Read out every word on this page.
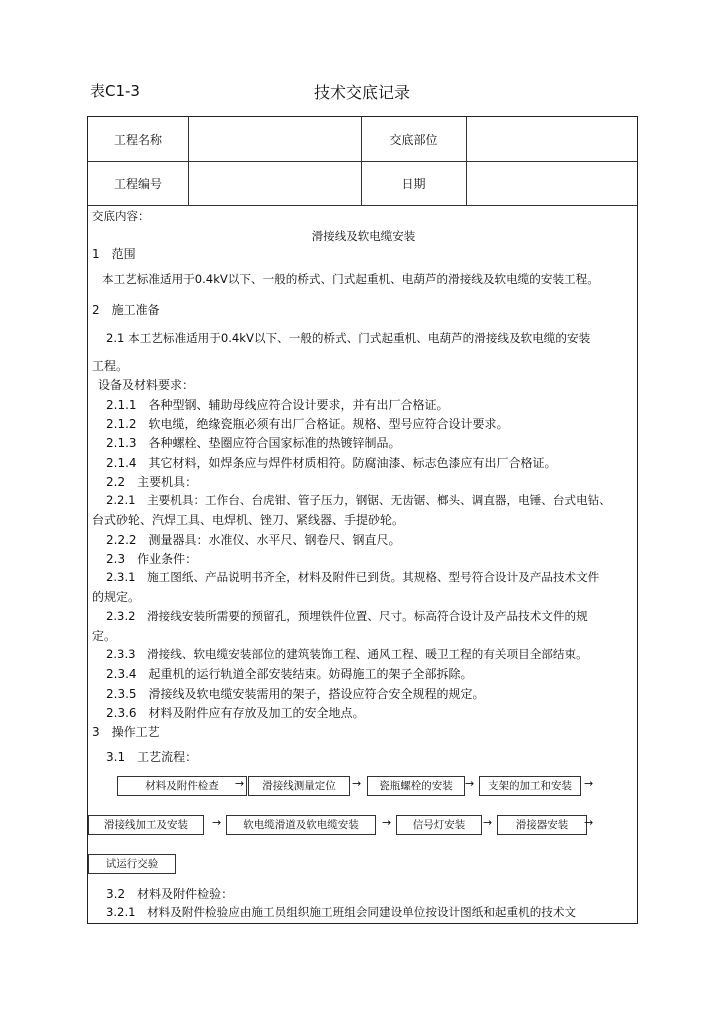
表C1-3	技术交底记录
工程名称	交底部位
工程编号	日期
交底内容：
滑接线及软电缆安装
1　范围
本工艺标准适用于0.4kV以下、一般的桥式、门式起重机、电葫芦的滑接线及软电缆的安装工程。
2　施工准备
2.1 本工艺标准适用于0.4kV以下、一般的桥式、门式起重机、电葫芦的滑接线及软电缆的安装
工程。
设备及材料要求：
2.1.1　各种型钢、辅助母线应符合设计要求，并有出厂合格证。
2.1.2　软电缆，绝缘瓷瓶必须有出厂合格证。规格、型号应符合设计要求。
2.1.3　各种螺栓、垫圈应符合国家标准的热镀锌制品。
2.1.4　其它材料，如焊条应与焊件材质相符。防腐油漆、标志色漆应有出厂合格证。
2.2　主要机具：
2.2.1　主要机具：工作台、台虎钳、管子压力，钢锯、无齿锯、榔头、调直器，电锤、台式电钻、
台式砂轮、汽焊工具、电焊机、锉刀、紧线器、手提砂轮。
2.2.2　测量器具：水准仪、水平尺、钢卷尺、钢直尺。
2.3　作业条件：
2.3.1　施工图纸、产品说明书齐全，材料及附件已到货。其规格、型号符合设计及产品技术文件
的规定。
2.3.2　滑接线安装所需要的预留孔，预埋铁件位置、尺寸。标高符合设计及产品技术文件的规
定。
2.3.3　滑接线、软电缆安装部位的建筑装饰工程、通风工程、暖卫工程的有关项目全部结束。
2.3.4　起重机的运行轨道全部安装结束。妨碍施工的架子全部拆除。
2.3.5　滑接线及软电缆安装需用的架子，搭设应符合安全规程的规定。
2.3.6　材料及附件应有存放及加工的安全地点。
3　操作工艺
3.1　工艺流程：
材料及附件检查	→	滑接线测量定位	→	瓷瓶螺栓的安装	→	支架的加工和安装	→
滑接线加工及安装	→	软电缆滑道及软电缆安装	→	信号灯安装	→	滑接器安装	→
试运行交验
3.2　材料及附件检验：
3.2.1　材料及附件检验应由施工员组织施工班组会同建设单位按设计图纸和起重机的技术文
